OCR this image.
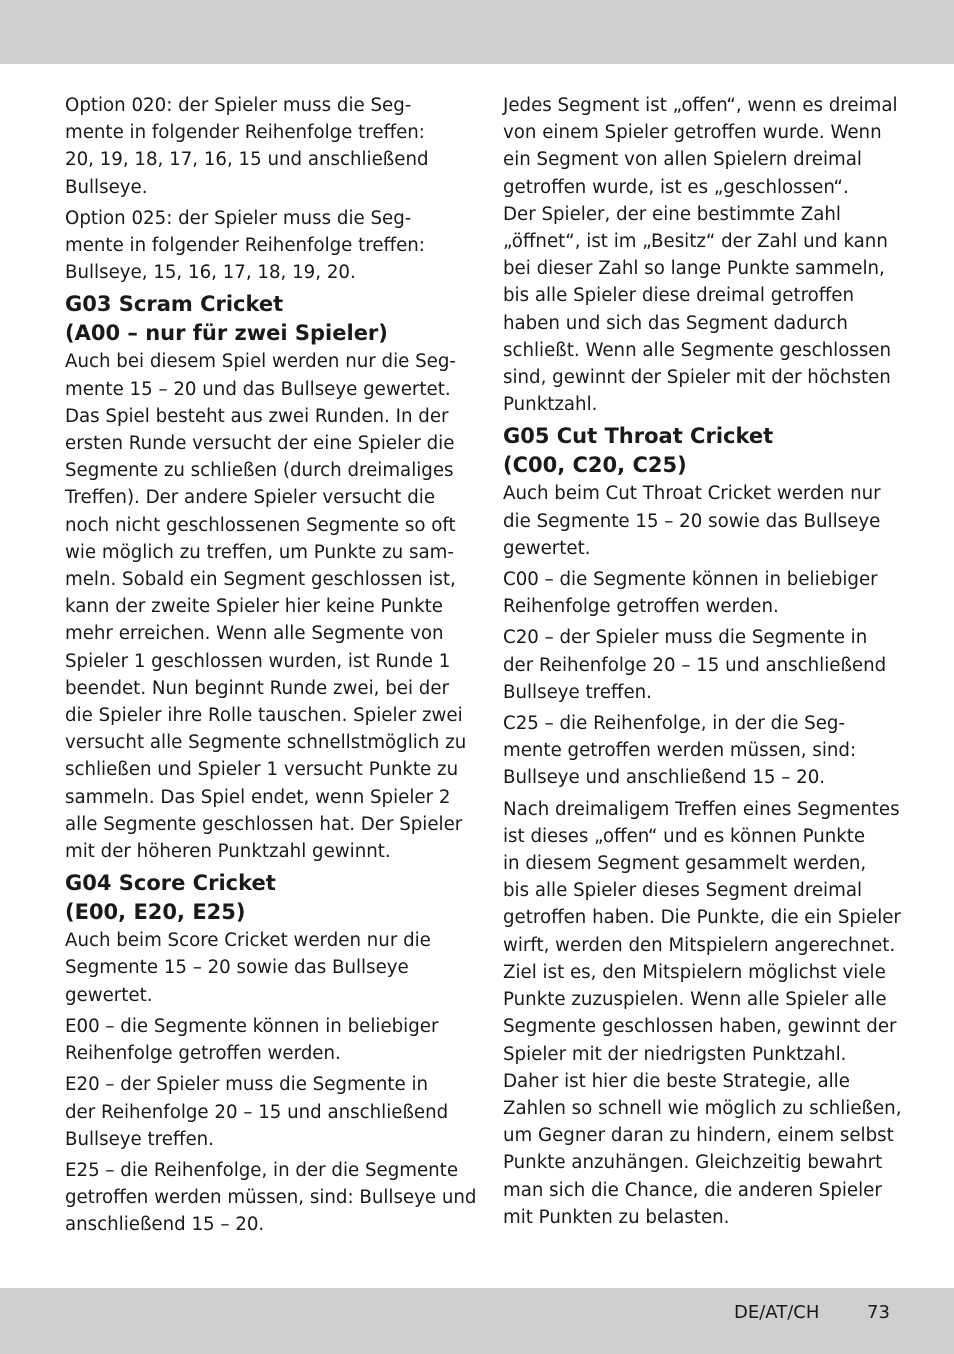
Option 020: der Spieler muss die Seg-
mente in folgender Reihenfolge treffen:
20, 19, 18, 17, 16, 15 und anschließend
Bullseye.

Option 025: der Spieler muss die Seg-
mente in folgender Reihenfolge treffen:
Bullseye, 15, 16, 17, 18, 19, 20.

G03 Scram Cricket
(A00 – nur für zwei Spieler)

Auch bei diesem Spiel werden nur die Seg-
mente 15 – 20 und das Bullseye gewertet.
Das Spiel besteht aus zwei Runden. In der
ersten Runde versucht der eine Spieler die
Segmente zu schließen (durch dreimaliges
Treffen). Der andere Spieler versucht die
noch nicht geschlossenen Segmente so oft
wie möglich zu treffen, um Punkte zu sam-
meln. Sobald ein Segment geschlossen ist,
kann der zweite Spieler hier keine Punkte
mehr erreichen. Wenn alle Segmente von
Spieler 1 geschlossen wurden, ist Runde 1
beendet. Nun beginnt Runde zwei, bei der
die Spieler ihre Rolle tauschen. Spieler zwei
versucht alle Segmente schnellstmöglich zu
schließen und Spieler 1 versucht Punkte zu
sammeln. Das Spiel endet, wenn Spieler 2
alle Segmente geschlossen hat. Der Spieler
mit der höheren Punktzahl gewinnt.

G04 Score Cricket
(E00, E20, E25)

Auch beim Score Cricket werden nur die
Segmente 15 – 20 sowie das Bullseye
gewertet.

E00 – die Segmente können in beliebiger
Reihenfolge getroffen werden.

E20 – der Spieler muss die Segmente in
der Reihenfolge 20 – 15 und anschließend
Bullseye treffen.

E25 – die Reihenfolge, in der die Segmente
getroffen werden müssen, sind: Bullseye und
anschließend 15 – 20.

Jedes Segment ist „offen“, wenn es dreimal
von einem Spieler getroffen wurde. Wenn
ein Segment von allen Spielern dreimal
getroffen wurde, ist es „geschlossen“.
Der Spieler, der eine bestimmte Zahl
„öffnet“, ist im „Besitz“ der Zahl und kann
bei dieser Zahl so lange Punkte sammeln,
bis alle Spieler diese dreimal getroffen
haben und sich das Segment dadurch
schließt. Wenn alle Segmente geschlossen
sind, gewinnt der Spieler mit der höchsten
Punktzahl.

G05 Cut Throat Cricket
(C00, C20, C25)

Auch beim Cut Throat Cricket werden nur
die Segmente 15 – 20 sowie das Bullseye
gewertet.

C00 – die Segmente können in beliebiger
Reihenfolge getroffen werden.

C20 – der Spieler muss die Segmente in
der Reihenfolge 20 – 15 und anschließend
Bullseye treffen.

C25 – die Reihenfolge, in der die Seg-
mente getroffen werden müssen, sind:
Bullseye und anschließend 15 – 20.

Nach dreimaligem Treffen eines Segmentes
ist dieses „offen“ und es können Punkte
in diesem Segment gesammelt werden,
bis alle Spieler dieses Segment dreimal
getroffen haben. Die Punkte, die ein Spieler
wirft, werden den Mitspielern angerechnet.
Ziel ist es, den Mitspielern möglichst viele
Punkte zuzuspielen. Wenn alle Spieler alle
Segmente geschlossen haben, gewinnt der
Spieler mit der niedrigsten Punktzahl.
Daher ist hier die beste Strategie, alle
Zahlen so schnell wie möglich zu schließen,
um Gegner daran zu hindern, einem selbst
Punkte anzuhängen. Gleichzeitig bewahrt
man sich die Chance, die anderen Spieler
mit Punkten zu belasten.

DE/AT/CH	73
